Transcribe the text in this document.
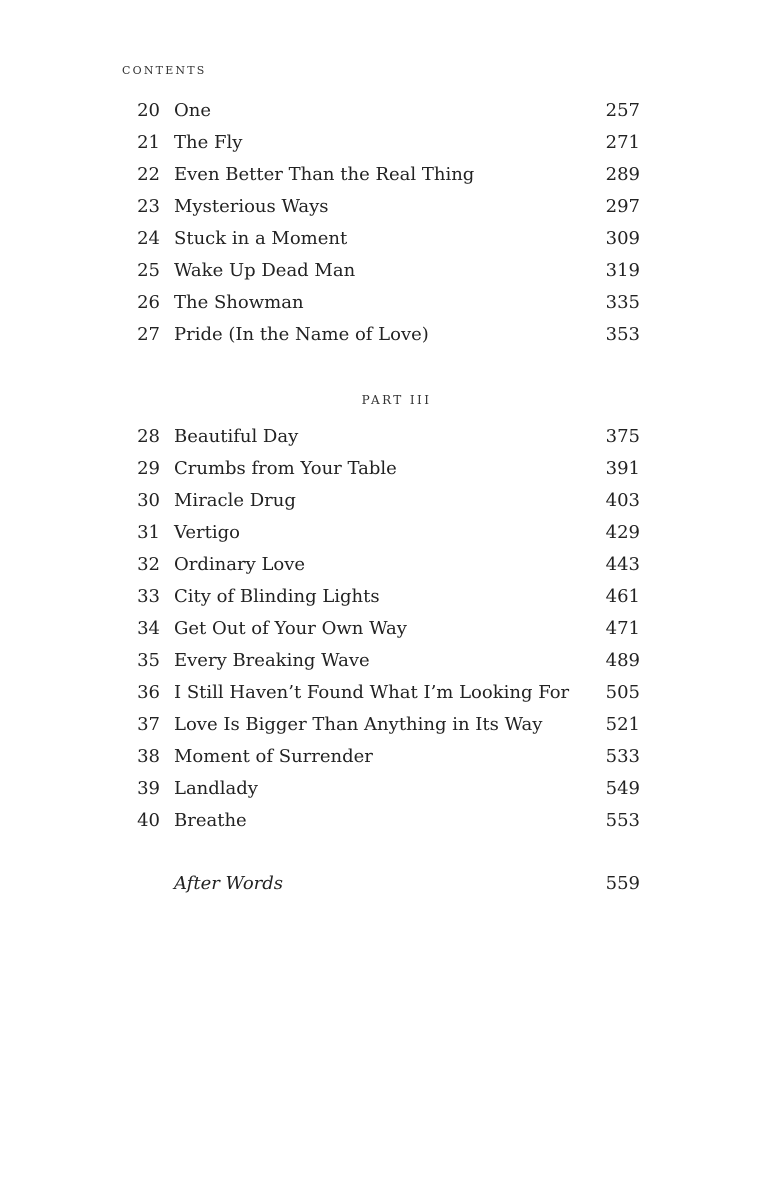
CONTENTS
20 One	257
21 The Fly	271
22 Even Better Than the Real Thing	289
23 Mysterious Ways	297
24 Stuck in a Moment	309
25 Wake Up Dead Man	319
26 The Showman	335
27 Pride (In the Name of Love)	353
PART III
28 Beautiful Day	375
29 Crumbs from Your Table	391
30 Miracle Drug	403
31 Vertigo	429
32 Ordinary Love	443
33 City of Blinding Lights	461
34 Get Out of Your Own Way	471
35 Every Breaking Wave	489
36 I Still Haven’t Found What I’m Looking For 505
37 Love Is Bigger Than Anything in Its Way	521
38 Moment of Surrender	533
39 Landlady	549
40 Breathe	553
After Words	559
